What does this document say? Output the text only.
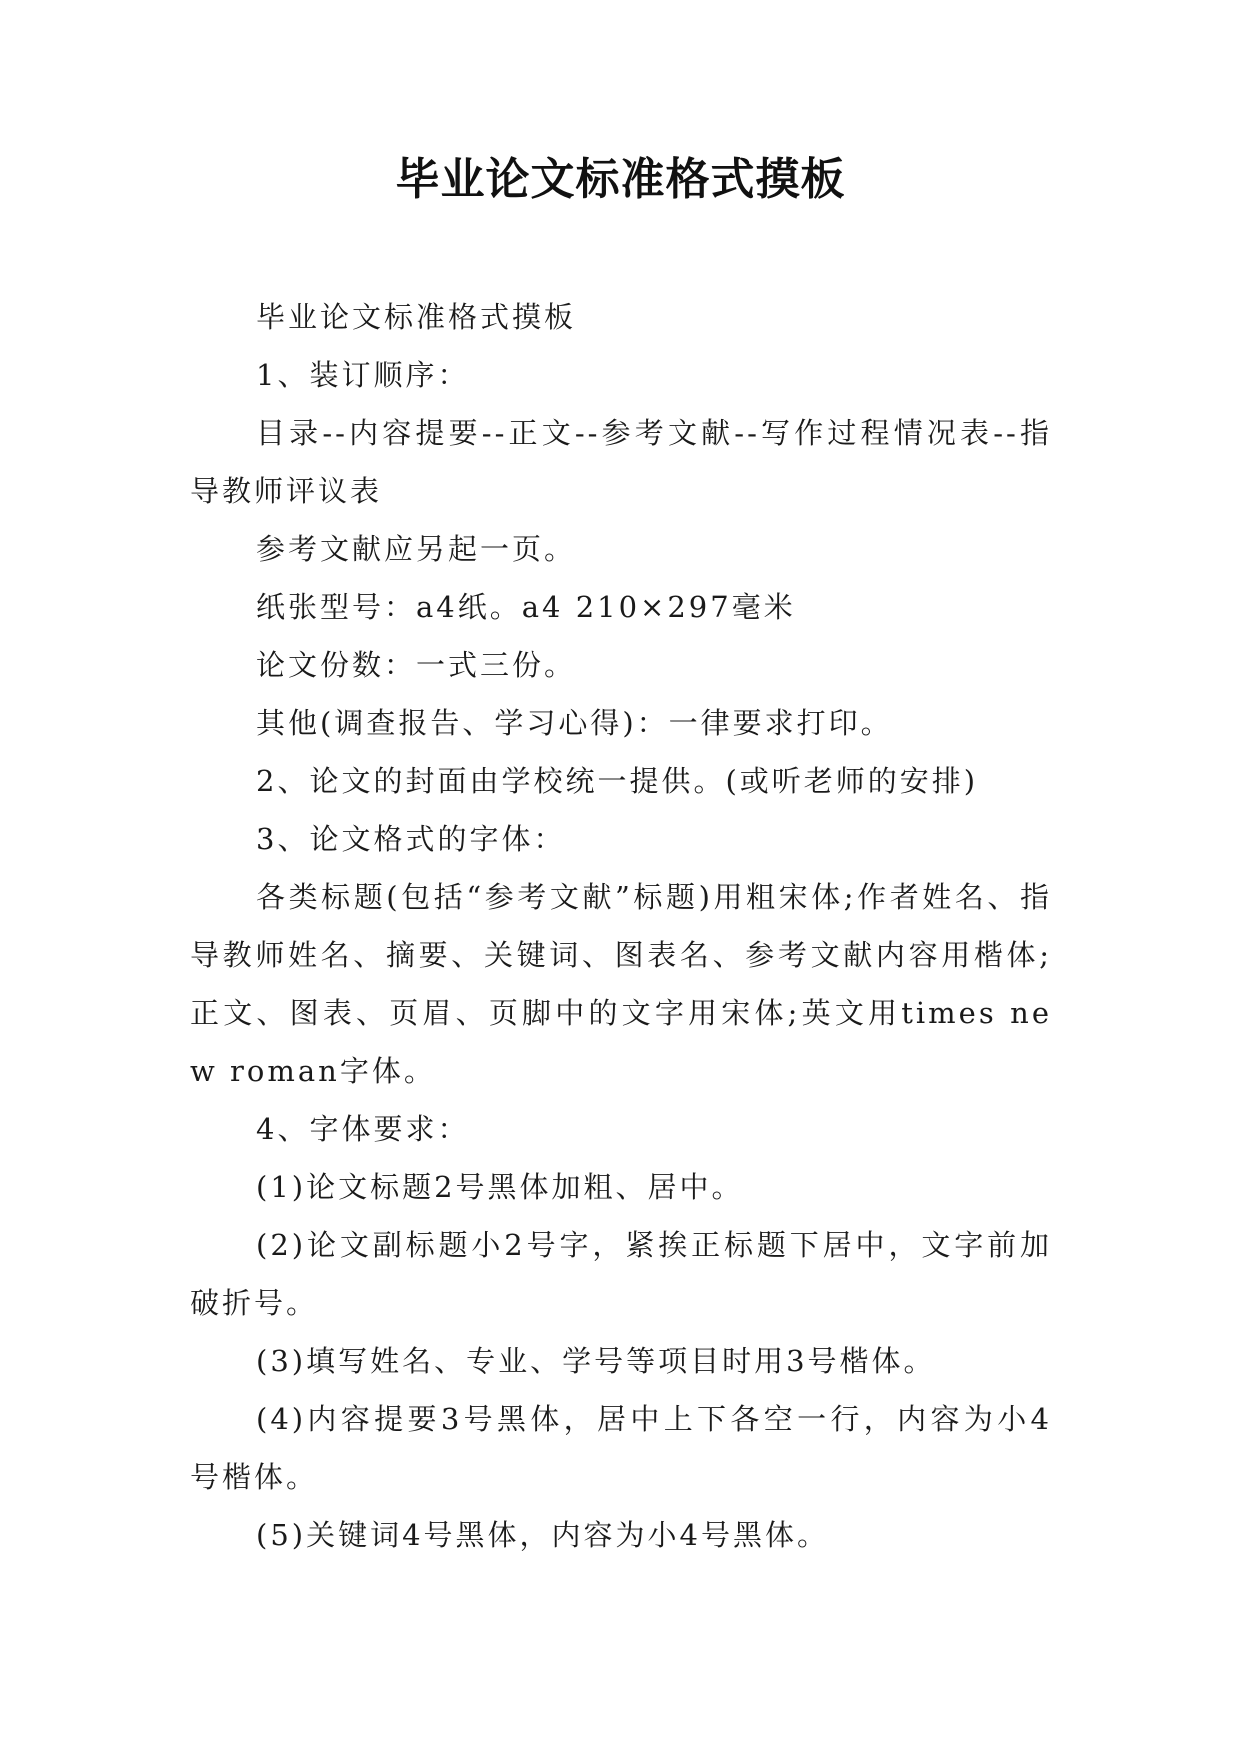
毕业论文标准格式摸板

毕业论文标准格式摸板

1、装订顺序：

目录--内容提要--正文--参考文献--写作过程情况表--指导教师评议表

参考文献应另起一页。

纸张型号：a4纸。a4 210×297毫米

论文份数：一式三份。

其他(调查报告、学习心得)：一律要求打印。

2、论文的封面由学校统一提供。(或听老师的安排)

3、论文格式的字体：

各类标题(包括“参考文献”标题)用粗宋体;作者姓名、指导教师姓名、摘要、关键词、图表名、参考文献内容用楷体;正文、图表、页眉、页脚中的文字用宋体;英文用times new roman字体。

4、字体要求：

(1)论文标题2号黑体加粗、居中。

(2)论文副标题小2号字，紧挨正标题下居中，文字前加破折号。

(3)填写姓名、专业、学号等项目时用3号楷体。

(4)内容提要3号黑体，居中上下各空一行，内容为小4号楷体。

(5)关键词4号黑体，内容为小4号黑体。
